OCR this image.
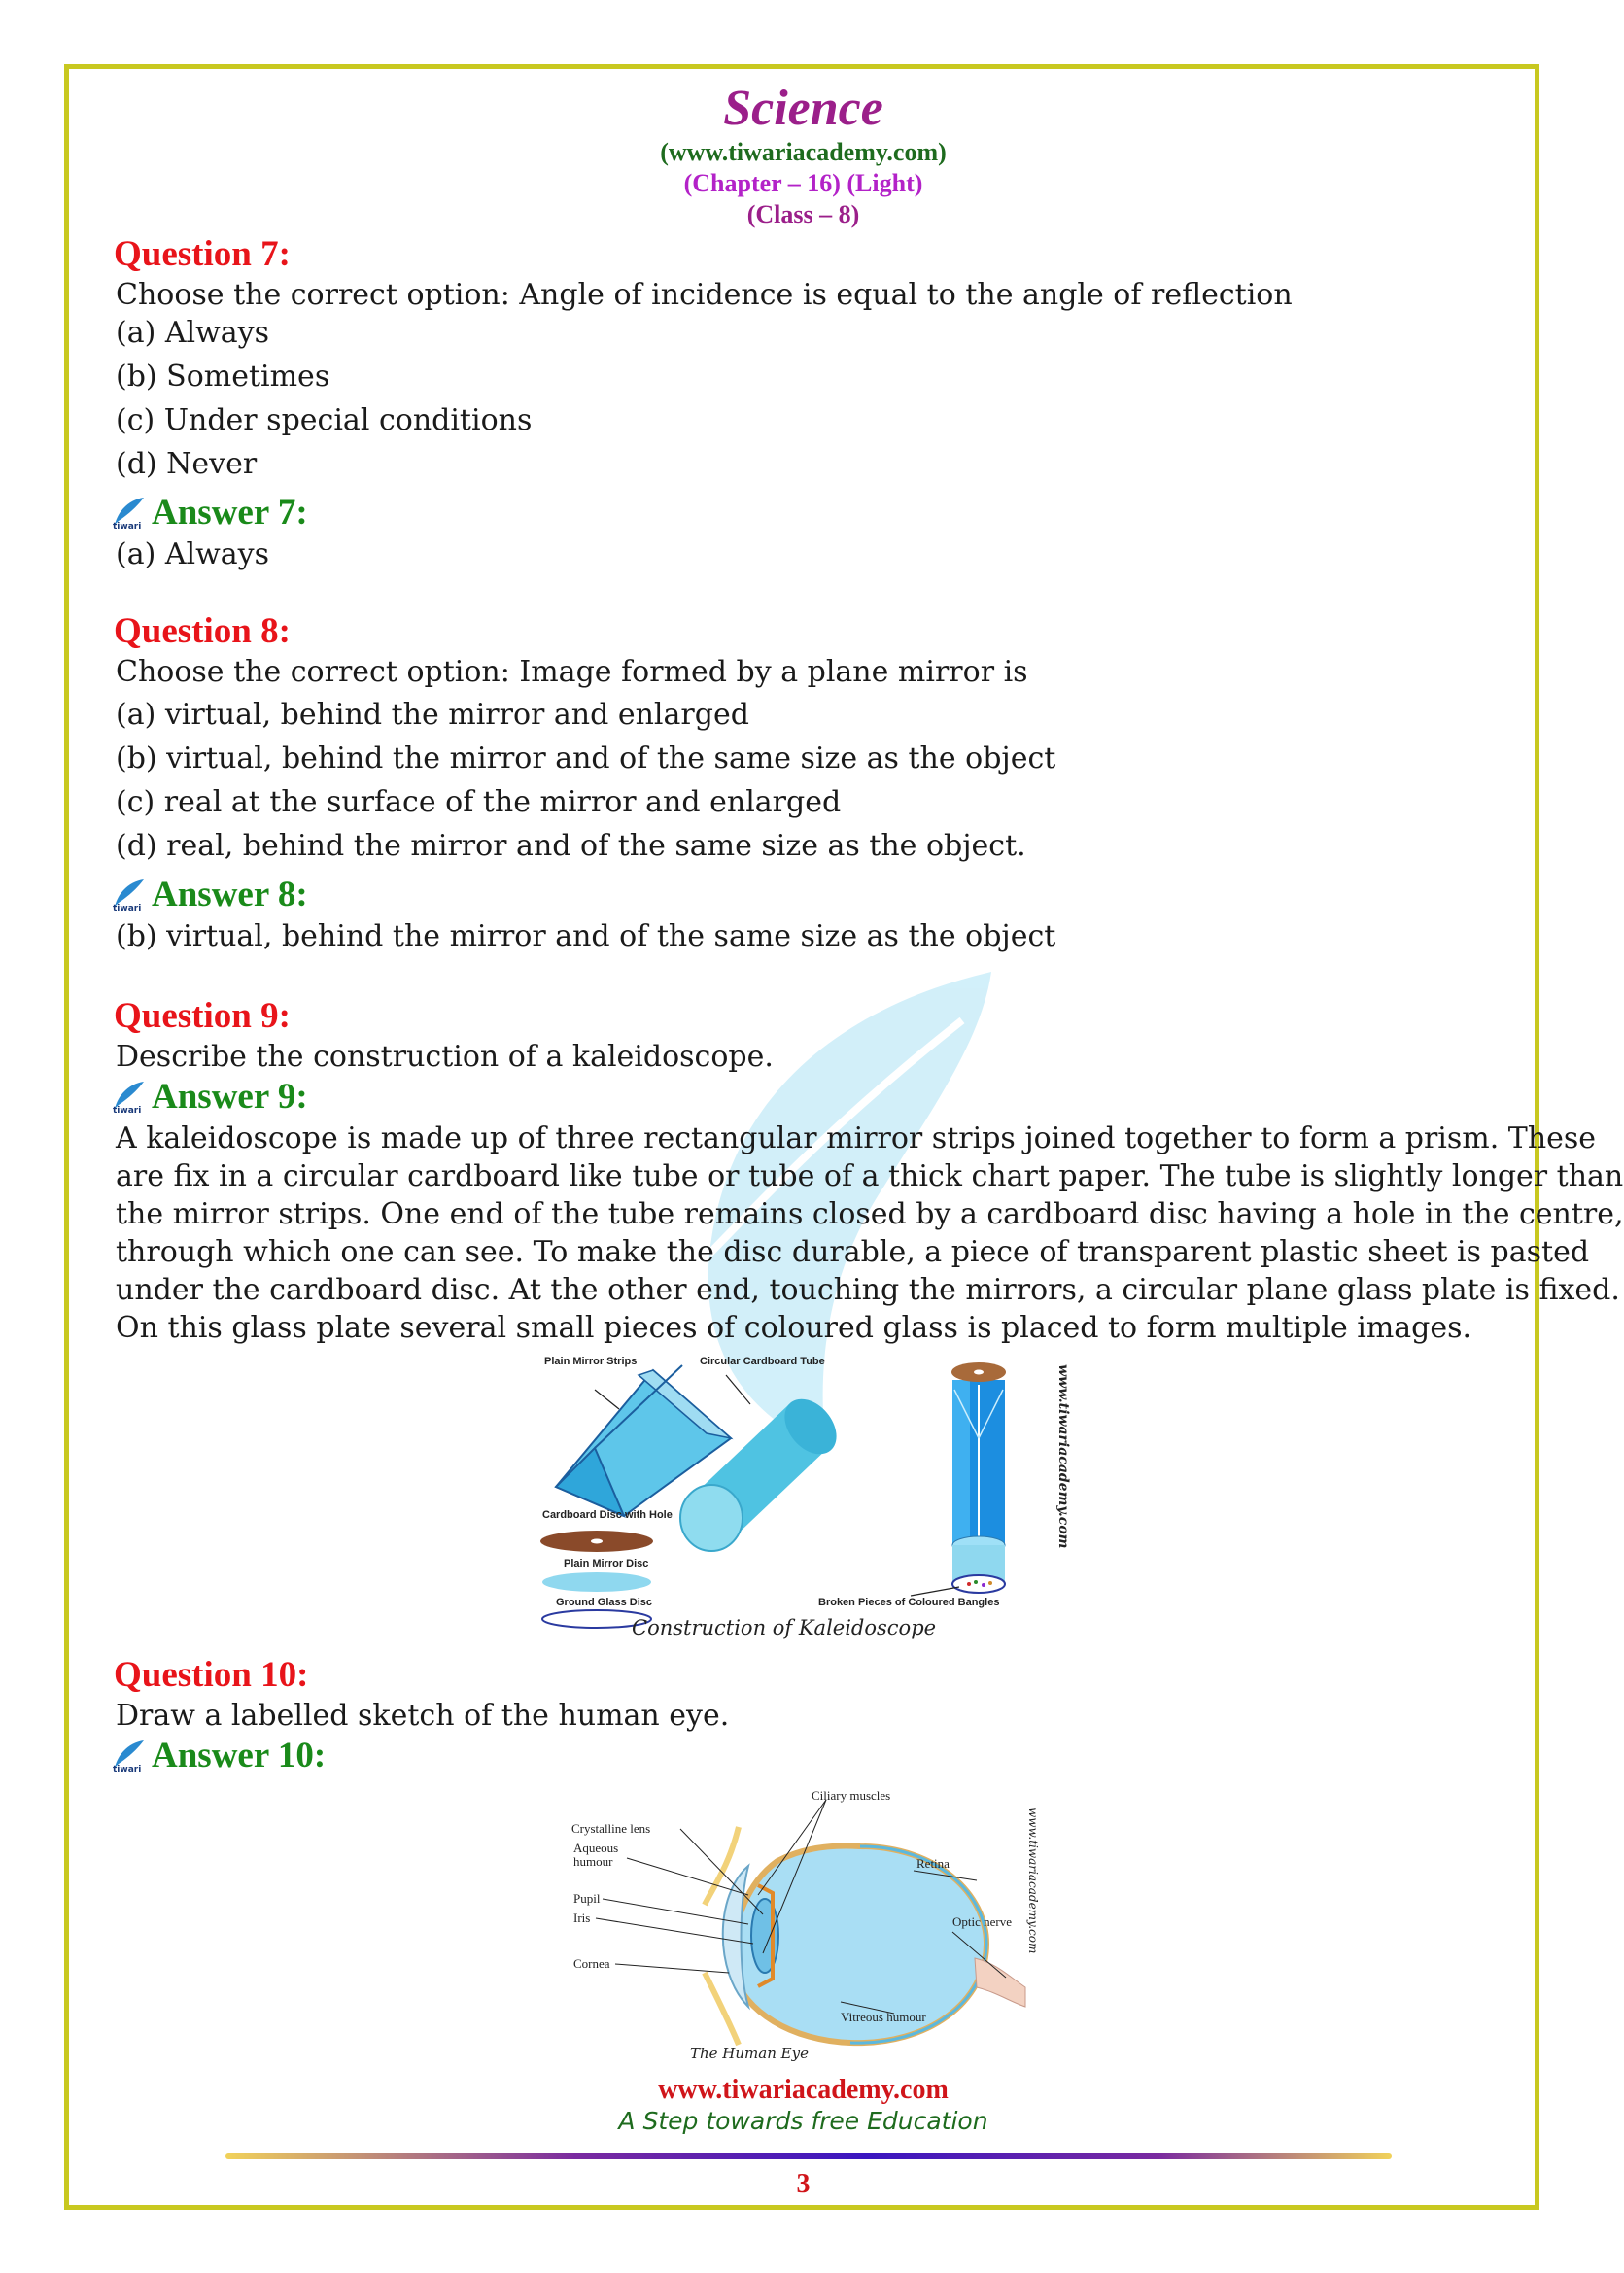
Science
(www.tiwariacademy.com)
(Chapter – 16) (Light)
(Class – 8)
Question 7:
Choose the correct option: Angle of incidence is equal to the angle of reflection
(a) Always
(b) Sometimes
(c) Under special conditions
(d) Never
tiwari Answer 7:
(a) Always
Question 8:
Choose the correct option: Image formed by a plane mirror is
(a) virtual, behind the mirror and enlarged
(b) virtual, behind the mirror and of the same size as the object
(c) real at the surface of the mirror and enlarged
(d) real, behind the mirror and of the same size as the object.
tiwari Answer 8:
(b) virtual, behind the mirror and of the same size as the object
Question 9:
Describe the construction of a kaleidoscope.
tiwari Answer 9:
A kaleidoscope is made up of three rectangular mirror strips joined together to form a prism. These
are fix in a circular cardboard like tube or tube of a thick chart paper. The tube is slightly longer than
the mirror strips. One end of the tube remains closed by a cardboard disc having a hole in the centre,
through which one can see. To make the disc durable, a piece of transparent plastic sheet is pasted
under the cardboard disc. At the other end, touching the mirrors, a circular plane glass plate is fixed.
On this glass plate several small pieces of coloured glass is placed to form multiple images.
Plain Mirror Strips	Circular Cardboard Tube
Broken Pieces of Coloured Bangles
Cardboard Disc with Hole
Plain Mirror Disc
Ground Glass Disc
Construction of Kaleidoscope
www.tiwariacademy.com
Question 10:
Draw a labelled sketch of the human eye.
tiwari Answer 10:
Ciliary muscles
Crystalline lens
Aqueous
humour
Pupil
Iris
Cornea
Retina
Optic nerve
Vitreous humour
The Human Eye
www.tiwariacademy.com
www.tiwariacademy.com
A Step towards free Education
3
